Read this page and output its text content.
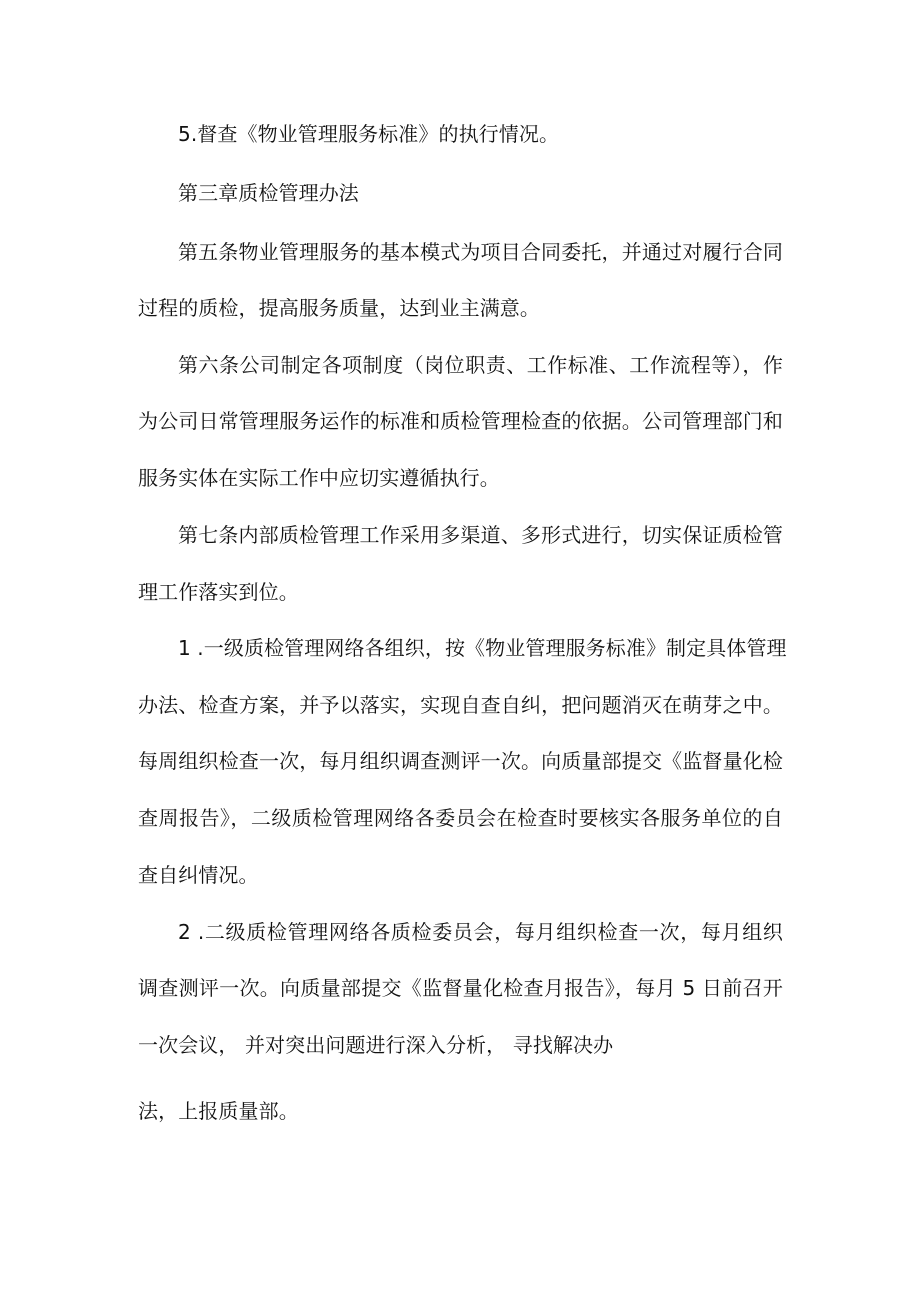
5.督查《物业管理服务标准》的执行情况。
第三章质检管理办法
第五条物业管理服务的基本模式为项目合同委托，并通过对履行合同
过程的质检，提高服务质量，达到业主满意。
第六条公司制定各项制度（岗位职责、工作标准、工作流程等），作
为公司日常管理服务运作的标准和质检管理检查的依据。公司管理部门和
服务实体在实际工作中应切实遵循执行。
第七条内部质检管理工作采用多渠道、多形式进行，切实保证质检管
理工作落实到位。
1 .一级质检管理网络各组织，按《物业管理服务标准》制定具体管理
办法、检查方案，并予以落实，实现自查自纠，把问题消灭在萌芽之中。
每周组织检查一次，每月组织调查测评一次。向质量部提交《监督量化检
查周报告》，二级质检管理网络各委员会在检查时要核实各服务单位的自
查自纠情况。
2 .二级质检管理网络各质检委员会，每月组织检查一次，每月组织
调查测评一次。向质量部提交《监督量化检查月报告》，每月 5 日前召开
一次会议， 并对突出问题进行深入分析， 寻找解决办
法，上报质量部。
